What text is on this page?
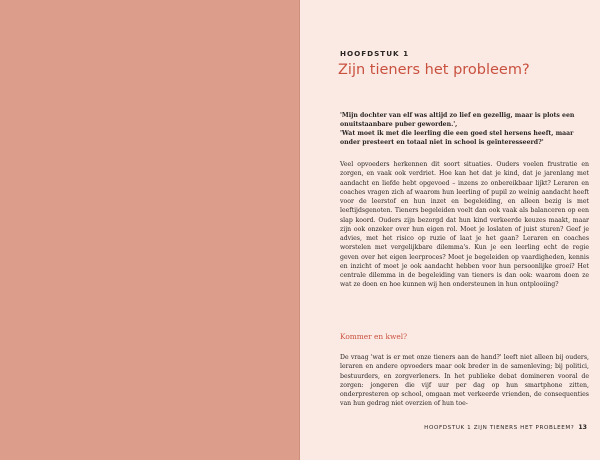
HOOFDSTUK 1
Zijn tieners het probleem?

'Mijn dochter van elf was altijd zo lief en gezellig, maar is plots een onuitstaanbare puber geworden.',

'Wat moet ik met die leerling die een goed stel hersens heeft, maar onder presteert en totaal niet in school is geïnteresseerd?'

Veel opvoeders herkennen dit soort situaties. Ouders voelen frustratie en zorgen, en vaak ook verdriet. Hoe kan het dat je kind, dat je jarenlang met aandacht en liefde hebt opgevoed – inzens zo onbereikbaar lijkt? Leraren en coaches vragen zich af waarom hun leerling of pupil zo weinig aandacht heeft voor de leerstof en hun inzet en begeleiding, en alleen bezig is met leeftijdsgenoten. Tieners begeleiden voelt dan ook vaak als balanceren op een slap koord. Ouders zijn bezorgd dat hun kind verkeerde keuzes maakt, maar zijn ook onzeker over hun eigen rol. Moet je loslaten of juist sturen? Geef je advies, met het risico op ruzie of laat je het gaan? Leraren en coaches worstelen met vergelijkbare dilemma's. Kun je een leerling echt de regie geven over het eigen leerproces? Moet je begeleiden op vaardigheden, kennis en inzicht of moet je ook aandacht hebben voor hun persoonlijke groei? Het centrale dilemma in de begeleiding van tieners is dan ook: waarom doen ze wat ze doen en hoe kunnen wij hen ondersteunen in hun ontplooiing?
Kommer en kwel?
De vraag 'wat is er met onze tieners aan de hand?' leeft niet alleen bij ouders, leraren en andere opvoeders maar ook breder in de samenleving; bij politici, bestuurders, en zorgverleners. In het publieke debat domineren vooral de zorgen: jongeren die vijf uur per dag op hun smartphone zitten, onderpresteren op school, omgaan met verkeerde vrienden, de consequenties van hun gedrag niet overzien of hun toe-
HOOFDSTUK 1 ZIJN TIENERS HET PROBLEEM? 13
